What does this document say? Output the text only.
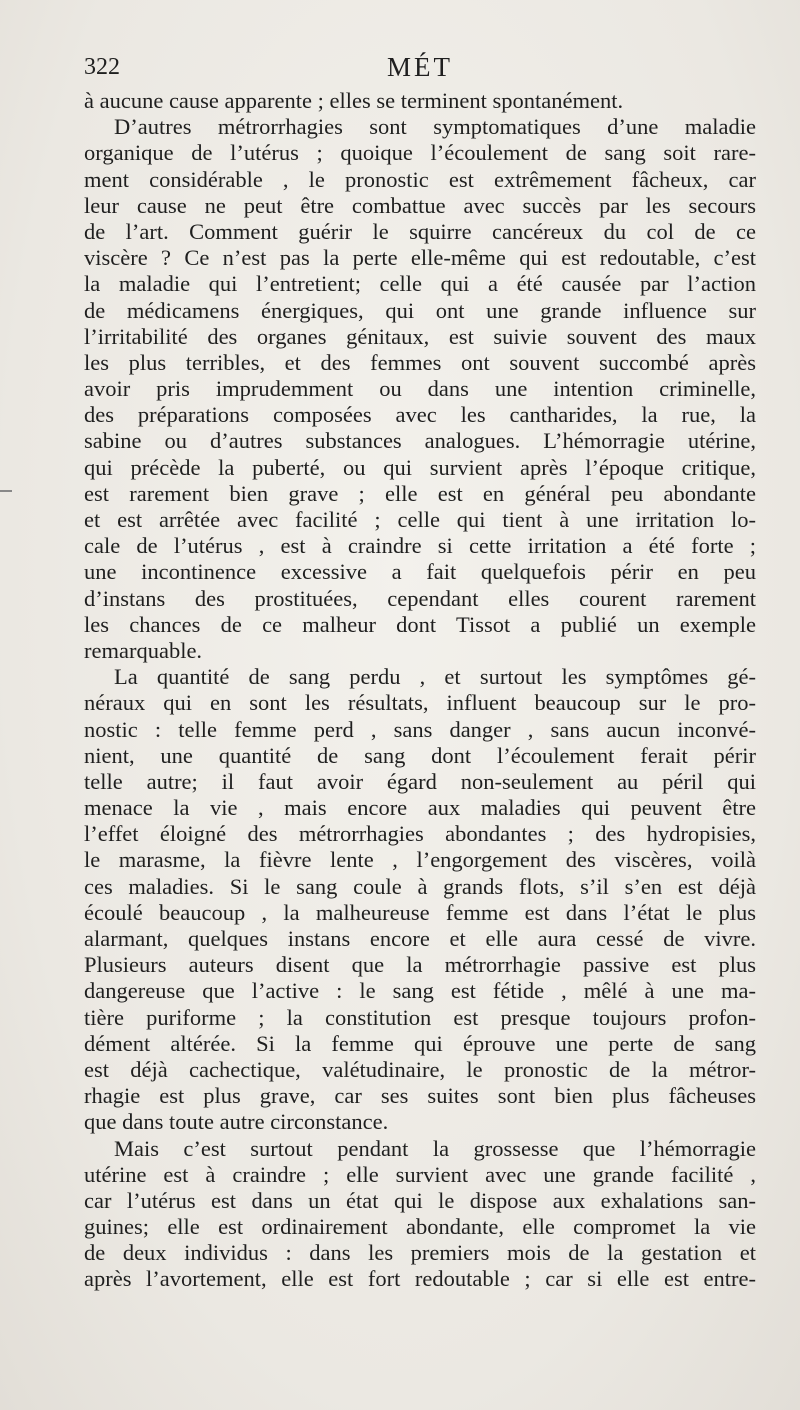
322	MÉT
à aucune cause apparente ; elles se terminent spontanément.
D’autres métrorrhagies sont symptomatiques d’une maladie
organique de l’utérus ; quoique l’écoulement de sang soit rare-
ment considérable , le pronostic est extrêmement fâcheux, car
leur cause ne peut être combattue avec succès par les secours
de l’art. Comment guérir le squirre cancéreux du col de ce
viscère ? Ce n’est pas la perte elle-même qui est redoutable, c’est
la maladie qui l’entretient; celle qui a été causée par l’action
de médicamens énergiques, qui ont une grande influence sur
l’irritabilité des organes génitaux, est suivie souvent des maux
les plus terribles, et des femmes ont souvent succombé après
avoir pris imprudemment ou dans une intention criminelle,
des préparations composées avec les cantharides, la rue, la
sabine ou d’autres substances analogues. L’hémorragie utérine,
qui précède la puberté, ou qui survient après l’époque critique,
est rarement bien grave ; elle est en général peu abondante
et est arrêtée avec facilité ; celle qui tient à une irritation lo-
cale de l’utérus , est à craindre si cette irritation a été forte ;
une incontinence excessive a fait quelquefois périr en peu
d’instans des prostituées, cependant elles courent rarement
les chances de ce malheur dont Tissot a publié un exemple
remarquable.
La quantité de sang perdu , et surtout les symptômes gé-
néraux qui en sont les résultats, influent beaucoup sur le pro-
nostic : telle femme perd , sans danger , sans aucun inconvé-
nient, une quantité de sang dont l’écoulement ferait périr
telle autre; il faut avoir égard non-seulement au péril qui
menace la vie , mais encore aux maladies qui peuvent être
l’effet éloigné des métrorrhagies abondantes ; des hydropisies,
le marasme, la fièvre lente , l’engorgement des viscères, voilà
ces maladies. Si le sang coule à grands flots, s’il s’en est déjà
écoulé beaucoup , la malheureuse femme est dans l’état le plus
alarmant, quelques instans encore et elle aura cessé de vivre.
Plusieurs auteurs disent que la métrorrhagie passive est plus
dangereuse que l’active : le sang est fétide , mêlé à une ma-
tière puriforme ; la constitution est presque toujours profon-
dément altérée. Si la femme qui éprouve une perte de sang
est déjà cachectique, valétudinaire, le pronostic de la métror-
rhagie est plus grave, car ses suites sont bien plus fâcheuses
que dans toute autre circonstance.
Mais c’est surtout pendant la grossesse que l’hémorragie
utérine est à craindre ; elle survient avec une grande facilité ,
car l’utérus est dans un état qui le dispose aux exhalations san-
guines; elle est ordinairement abondante, elle compromet la vie
de deux individus : dans les premiers mois de la gestation et
après l’avortement, elle est fort redoutable ; car si elle est entre-
